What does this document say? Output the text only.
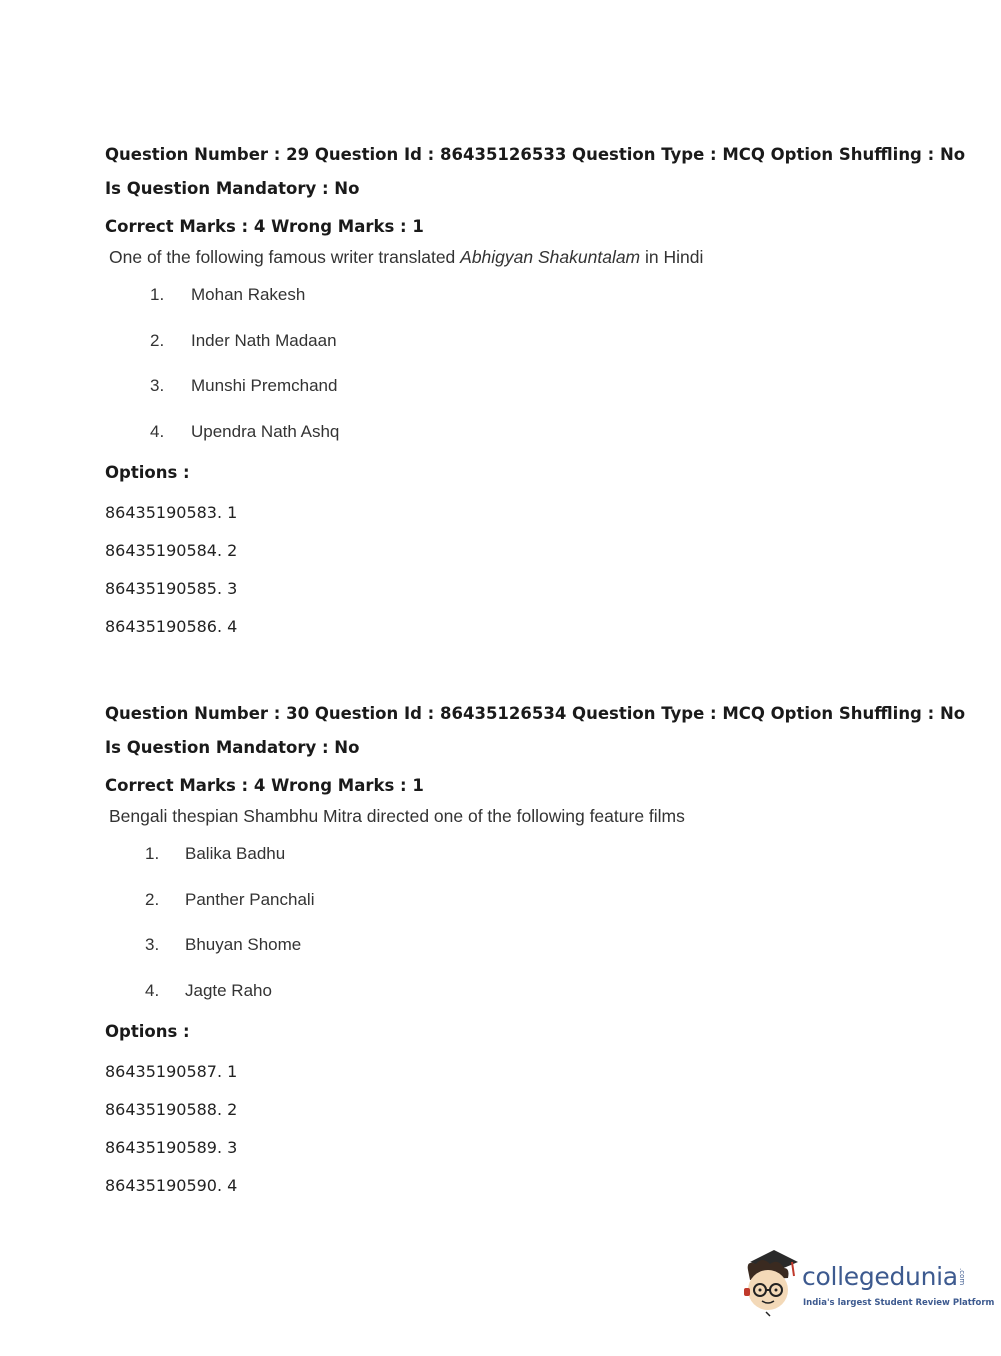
Question Number : 29 Question Id : 86435126533 Question Type : MCQ Option Shuffling : No
Is Question Mandatory : No
Correct Marks : 4 Wrong Marks : 1
One of the following famous writer translated Abhigyan Shakuntalam in Hindi
1.	Mohan Rakesh
2.	Inder Nath Madaan
3.	Munshi Premchand
4.	Upendra Nath Ashq
Options :
86435190583. 1
86435190584. 2
86435190585. 3
86435190586. 4
Question Number : 30 Question Id : 86435126534 Question Type : MCQ Option Shuffling : No
Is Question Mandatory : No
Correct Marks : 4 Wrong Marks : 1
Bengali thespian Shambhu Mitra directed one of the following feature films
1.	Balika Badhu
2.	Panther Panchali
3.	Bhuyan Shome
4.	Jagte Raho
Options :
86435190587. 1
86435190588. 2
86435190589. 3
86435190590. 4
collegedunia .com
India's largest Student Review Platform
